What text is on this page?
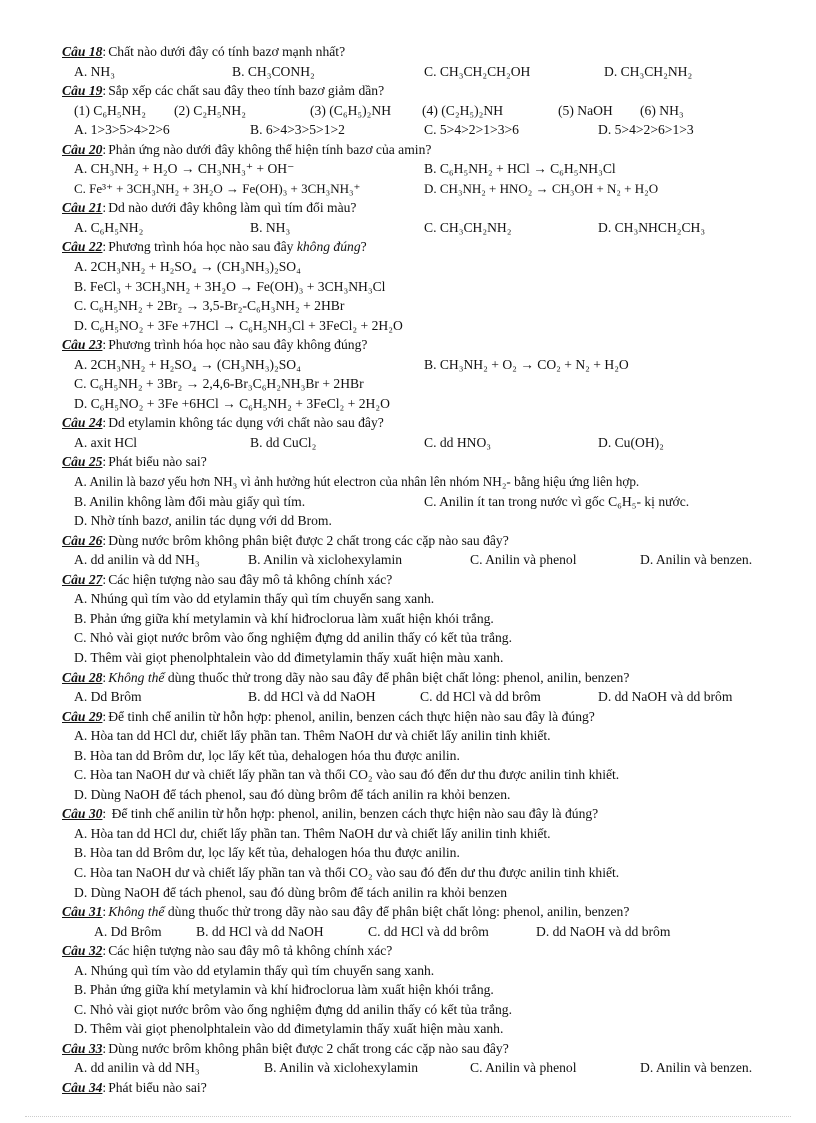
Câu 18: Chất nào dưới đây có tính bazơ mạnh nhất?
A. NH₃	B. CH₃CONH₂	C. CH₃CH₂CH₂OH	D. CH₃CH₂NH₂
Câu 19: Sắp xếp các chất sau đây theo tính bazơ giảm dần?
(1) C₆H₅NH₂ (2) C₂H₅NH₂	(3) (C₆H₅)₂NH (4) (C₂H₅)₂NH	(5) NaOH (6) NH₃
A. 1>3>5>4>2>6	B. 6>4>3>5>1>2	C. 5>4>2>1>3>6	D. 5>4>2>6>1>3
Câu 20: Phản ứng nào dưới đây không thể hiện tính bazơ của amin?
A. CH₃NH₂ + H₂O → CH₃NH₃⁺ + OH⁻	B. C₆H₅NH₂ + HCl → C₆H₅NH₃Cl
C. Fe³⁺ + 3CH₃NH₂ + 3H₂O → Fe(OH)₃ + 3CH₃NH₃⁺	D. CH₃NH₂ + HNO₂ → CH₃OH + N₂ + H₂O
Câu 21: Dd nào dưới đây không làm quì tím đổi màu?
A. C₆H₅NH₂	B. NH₃	C. CH₃CH₂NH₂	D. CH₃NHCH₂CH₃
Câu 22: Phương trình hóa học nào sau đây không đúng?
A. 2CH₃NH₂ + H₂SO₄ → (CH₃NH₃)₂SO₄
B. FeCl₃ + 3CH₃NH₂ + 3H₂O → Fe(OH)₃ + 3CH₃NH₃Cl
C. C₆H₅NH₂ + 2Br₂ → 3,5-Br₂-C₆H₃NH₂ + 2HBr
D. C₆H₅NO₂ + 3Fe +7HCl → C₆H₅NH₃Cl + 3FeCl₂ + 2H₂O
Câu 23: Phương trình hóa học nào sau đây không đúng?
A. 2CH₃NH₂ + H₂SO₄ → (CH₃NH₃)₂SO₄	B. CH₃NH₂ + O₂ → CO₂ + N₂ + H₂O
C. C₆H₅NH₂ + 3Br₂ → 2,4,6-Br₃C₆H₂NH₃Br + 2HBr
D. C₆H₅NO₂ + 3Fe +6HCl → C₆H₅NH₂ + 3FeCl₂ + 2H₂O
Câu 24: Dd etylamin không tác dụng với chất nào sau đây?
A. axit HCl	B. dd CuCl₂	C. dd HNO₃	D. Cu(OH)₂
Câu 25: Phát biểu nào sai?
A. Anilin là bazơ yếu hơn NH₃ vì ảnh hưởng hút electron của nhân lên nhóm NH₂- bằng hiệu ứng liên hợp.
B. Anilin không làm đổi màu giấy quì tím.	C. Anilin ít tan trong nước vì gốc C₆H₅- kị nước.
D. Nhờ tính bazơ, anilin tác dụng với dd Brom.
Câu 26: Dùng nước brôm không phân biệt được 2 chất trong các cặp nào sau đây?
A. dd anilin và dd NH₃	B. Anilin và xiclohexylamin	C. Anilin và phenol	D. Anilin và benzen.
Câu 27: Các hiện tượng nào sau đây mô tả không chính xác?
A. Nhúng quì tím vào dd etylamin thấy quì tím chuyển sang xanh.
B. Phản ứng giữa khí metylamin và khí hiđroclorua làm xuất hiện khói trắng.
C. Nhỏ vài giọt nước brôm vào ống nghiệm đựng dd anilin thấy có kết tủa trắng.
D. Thêm vài giọt phenolphtalein vào dd đimetylamin thấy xuất hiện màu xanh.
Câu 28: Không thể dùng thuốc thử trong dãy nào sau đây để phân biệt chất lỏng: phenol, anilin, benzen?
A. Dd Brôm	B. dd HCl và dd NaOH	C. dd HCl và dd brôm	D. dd NaOH và dd brôm
Câu 29: Để tinh chế anilin từ hỗn hợp: phenol, anilin, benzen cách thực hiện nào sau đây là đúng?
A. Hòa tan dd HCl dư, chiết lấy phần tan. Thêm NaOH dư và chiết lấy anilin tinh khiết.
B. Hòa tan dd Brôm dư, lọc lấy kết tủa, dehalogen hóa thu được anilin.
C. Hòa tan NaOH dư và chiết lấy phần tan và thổi CO₂ vào sau đó đến dư thu được anilin tinh khiết.
D. Dùng NaOH để tách phenol, sau đó dùng brôm để tách anilin ra khỏi benzen.
Câu 30: Để tinh chế anilin từ hỗn hợp: phenol, anilin, benzen cách thực hiện nào sau đây là đúng?
A. Hòa tan dd HCl dư, chiết lấy phần tan. Thêm NaOH dư và chiết lấy anilin tinh khiết.
B. Hòa tan dd Brôm dư, lọc lấy kết tủa, dehalogen hóa thu được anilin.
C. Hòa tan NaOH dư và chiết lấy phần tan và thổi CO₂ vào sau đó đến dư thu được anilin tinh khiết.
D. Dùng NaOH để tách phenol, sau đó dùng brôm để tách anilin ra khỏi benzen
Câu 31: Không thể dùng thuốc thử trong dãy nào sau đây để phân biệt chất lỏng: phenol, anilin, benzen?
A. Dd Brôm	B. dd HCl và dd NaOH	C. dd HCl và dd brôm	D. dd NaOH và dd brôm
Câu 32: Các hiện tượng nào sau đây mô tả không chính xác?
A. Nhúng quì tím vào dd etylamin thấy quì tím chuyển sang xanh.
B. Phản ứng giữa khí metylamin và khí hiđroclorua làm xuất hiện khói trắng.
C. Nhỏ vài giọt nước brôm vào ống nghiệm đựng dd anilin thấy có kết tủa trắng.
D. Thêm vài giọt phenolphtalein vào dd đimetylamin thấy xuất hiện màu xanh.
Câu 33: Dùng nước brôm không phân biệt được 2 chất trong các cặp nào sau đây?
A. dd anilin và dd NH₃	B. Anilin và xiclohexylamin	C. Anilin và phenol	D. Anilin và benzen.
Câu 34: Phát biểu nào sai?
